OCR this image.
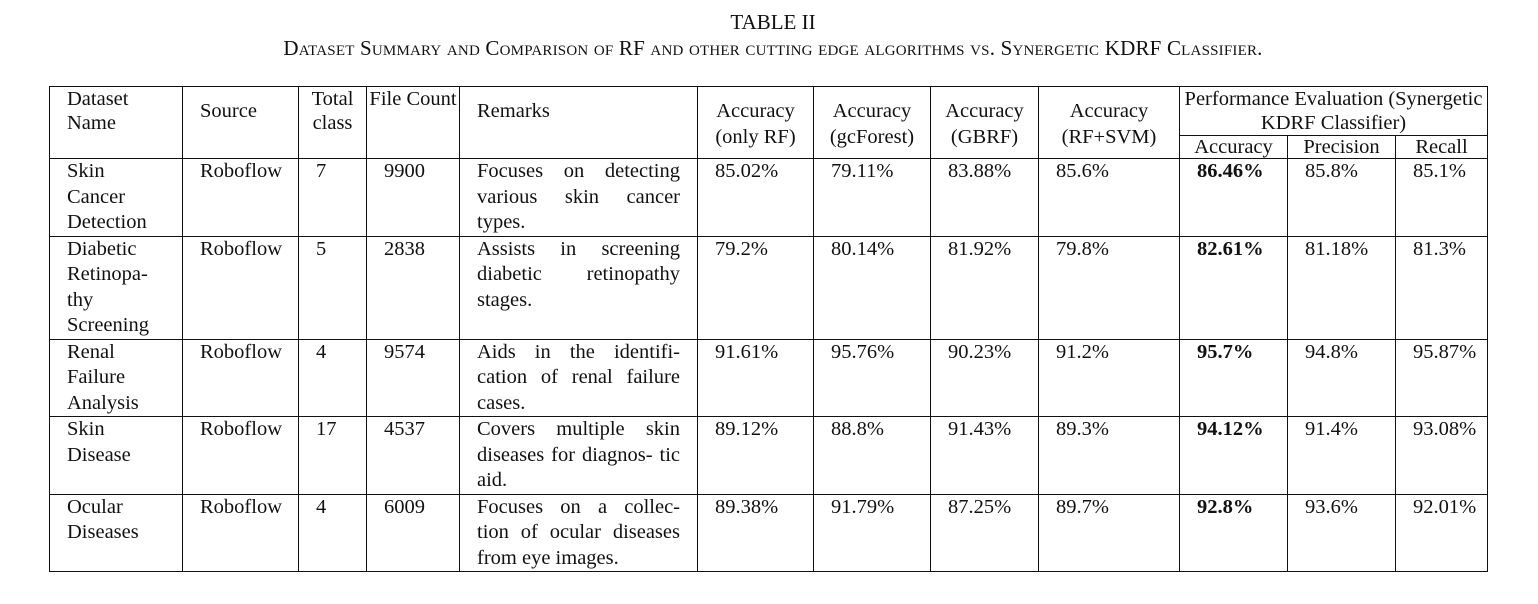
TABLE II
Dataset Summary and Comparison of RF and other cutting edge algorithms vs. Synergetic KDRF Classifier.
Dataset Name	Source	Total class	File Count	Remarks	Accuracy (only RF)	Accuracy (gcForest)	Accuracy (GBRF)	Accuracy (RF+SVM)	Performance Evaluation (Synergetic KDRF Classifier)		
									Accuracy	Precision	Recall

Skin
Cancer
Detection	Roboflow	7	9900	Focuses on detecting various skin cancer types.	85.02%	79.11%	83.88%	85.6%	86.46%	85.8%	85.1%

Diabetic
Retinopa-
thy
Screening	Roboflow	5	2838	Assists in screening diabetic retinopathy stages.	79.2%	80.14%	81.92%	79.8%	82.61%	81.18%	81.3%

Renal
Failure
Analysis	Roboflow	4	9574	Aids in the identifi- cation of renal failure cases.	91.61%	95.76%	90.23%	91.2%	95.7%	94.8%	95.87%

Skin
Disease	Roboflow	17	4537	Covers multiple skin diseases for diagnos- tic aid.	89.12%	88.8%	91.43%	89.3%	94.12%	91.4%	93.08%

Ocular
Diseases	Roboflow	4	6009	Focuses on a collec- tion of ocular diseases from eye images.	89.38%	91.79%	87.25%	89.7%	92.8%	93.6%	92.01%
